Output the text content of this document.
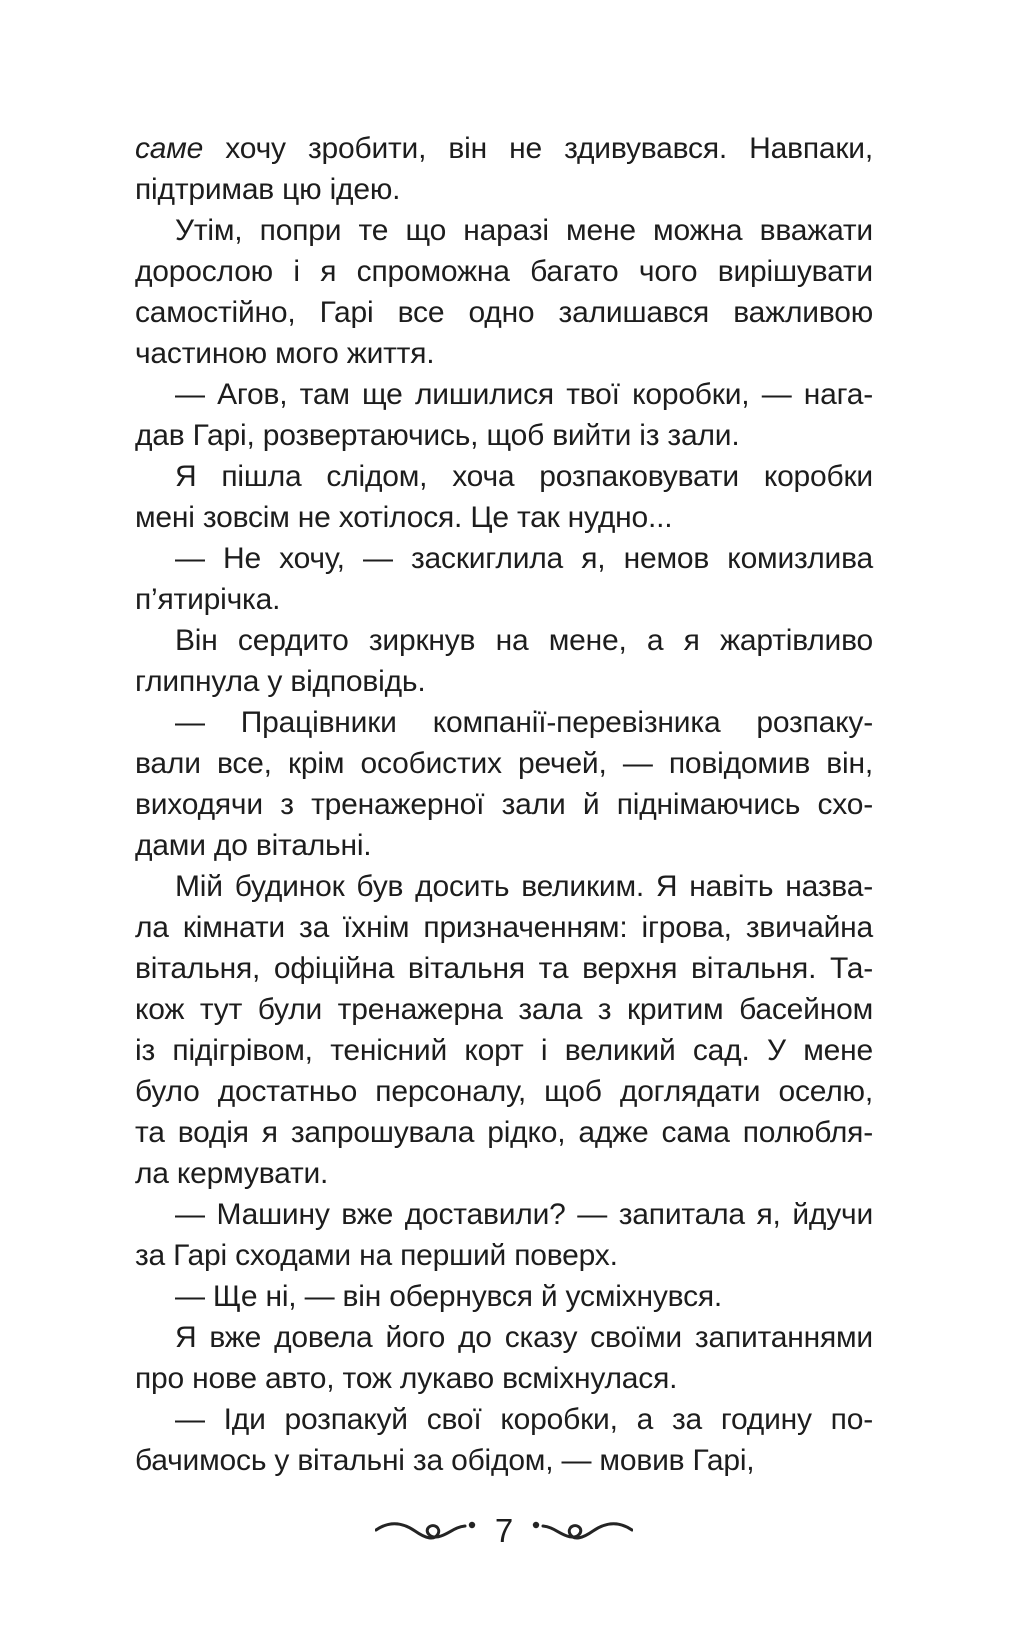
саме хочу зробити, він не здивувався. Навпаки,
підтримав цю ідею.
Утім, попри те що наразі мене можна вважати
дорослою і я спроможна багато чого вирішувати
самостійно, Гарі все одно залишався важливою
частиною мого життя.
— Агов, там ще лишилися твої коробки, — нага-
дав Гарі, розвертаючись, щоб вийти із зали.
Я пішла слідом, хоча розпаковувати коробки
мені зовсім не хотілося. Це так нудно...
— Не хочу, — заскиглила я, немов комизлива
п’ятирічка.
Він сердито зиркнув на мене, а я жартівливо
глипнула у відповідь.
— Працівники компанії-перевізника розпаку-
вали все, крім особистих речей, — повідомив він,
виходячи з тренажерної зали й піднімаючись схо-
дами до вітальні.
Мій будинок був досить великим. Я навіть назва-
ла кімнати за їхнім призначенням: ігрова, звичайна
вітальня, офіційна вітальня та верхня вітальня. Та-
кож тут були тренажерна зала з критим басейном
із підігрівом, тенісний корт і великий сад. У мене
було достатньо персоналу, щоб доглядати оселю,
та водія я запрошувала рідко, адже сама полюбля-
ла кермувати.
— Машину вже доставили? — запитала я, йдучи
за Гарі сходами на перший поверх.
— Ще ні, — він обернувся й усміхнувся.
Я вже довела його до сказу своїми запитаннями
про нове авто, тож лукаво всміхнулася.
— Іди розпакуй свої коробки, а за годину по-
бачимось у вітальні за обідом, — мовив Гарі,
7
